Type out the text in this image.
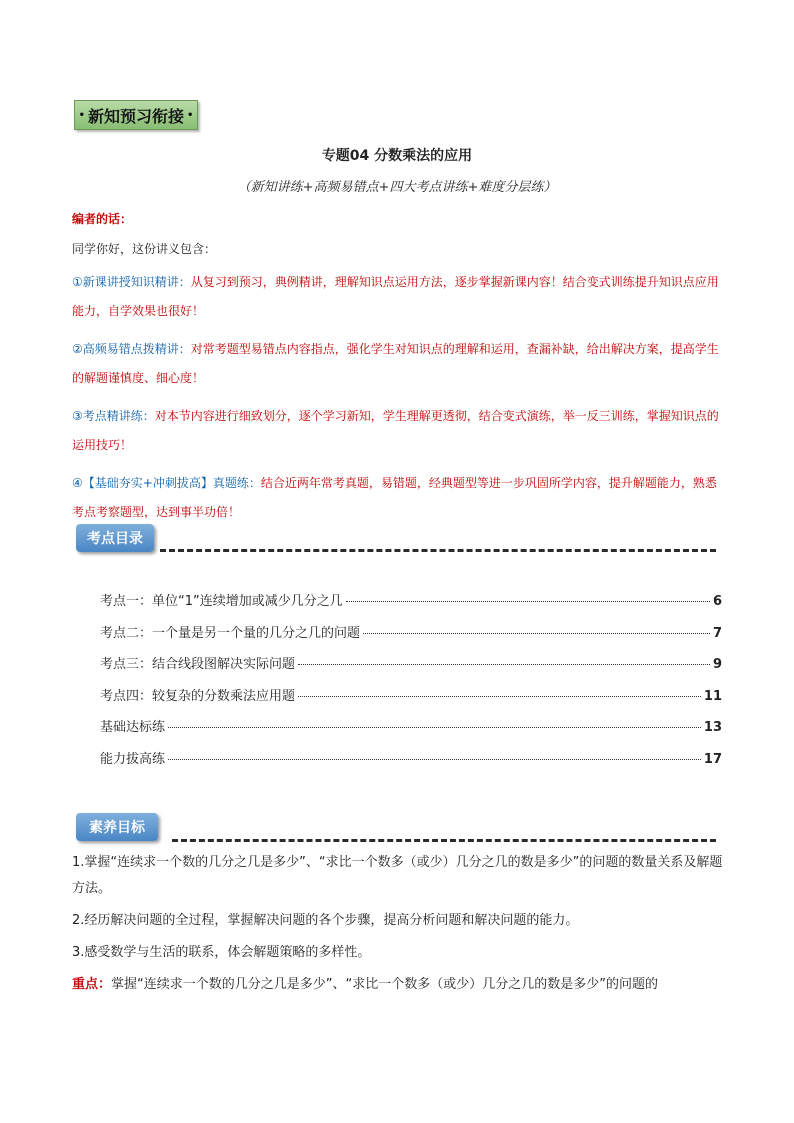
• 新知预习衔接 •
专题04 分数乘法的应用
（新知讲练+高频易错点+四大考点讲练+难度分层练）

编者的话：

同学你好，这份讲义包含：

①新课讲授知识精讲：从复习到预习，典例精讲，理解知识点运用方法，逐步掌握新课内容！结合变式训练提升知识点应用能力，自学效果也很好！

②高频易错点拨精讲：对常考题型易错点内容指点，强化学生对知识点的理解和运用，查漏补缺，给出解决方案，提高学生的解题谨慎度、细心度！

③考点精讲练：对本节内容进行细致划分，逐个学习新知，学生理解更透彻，结合变式演练，举一反三训练，掌握知识点的运用技巧！

④【基础夯实+冲刺拔高】真题练：结合近两年常考真题，易错题，经典题型等进一步巩固所学内容，提升解题能力，熟悉考点考察题型，达到事半功倍！

考点目录
考点一：单位“1”连续增加或减少几分之几	6
考点二：一个量是另一个量的几分之几的问题	7
考点三：结合线段图解决实际问题	9
考点四：较复杂的分数乘法应用题	11
基础达标练	13
能力拔高练	17
素养目标

1.掌握“连续求一个数的几分之几是多少”、“求比一个数多（或少）几分之几的数是多少”的问题的数量关系及解题方法。

2.经历解决问题的全过程，掌握解决问题的各个步骤，提高分析问题和解决问题的能力。

3.感受数学与生活的联系，体会解题策略的多样性。

重点：掌握“连续求一个数的几分之几是多少”、“求比一个数多（或少）几分之几的数是多少”的问题的
